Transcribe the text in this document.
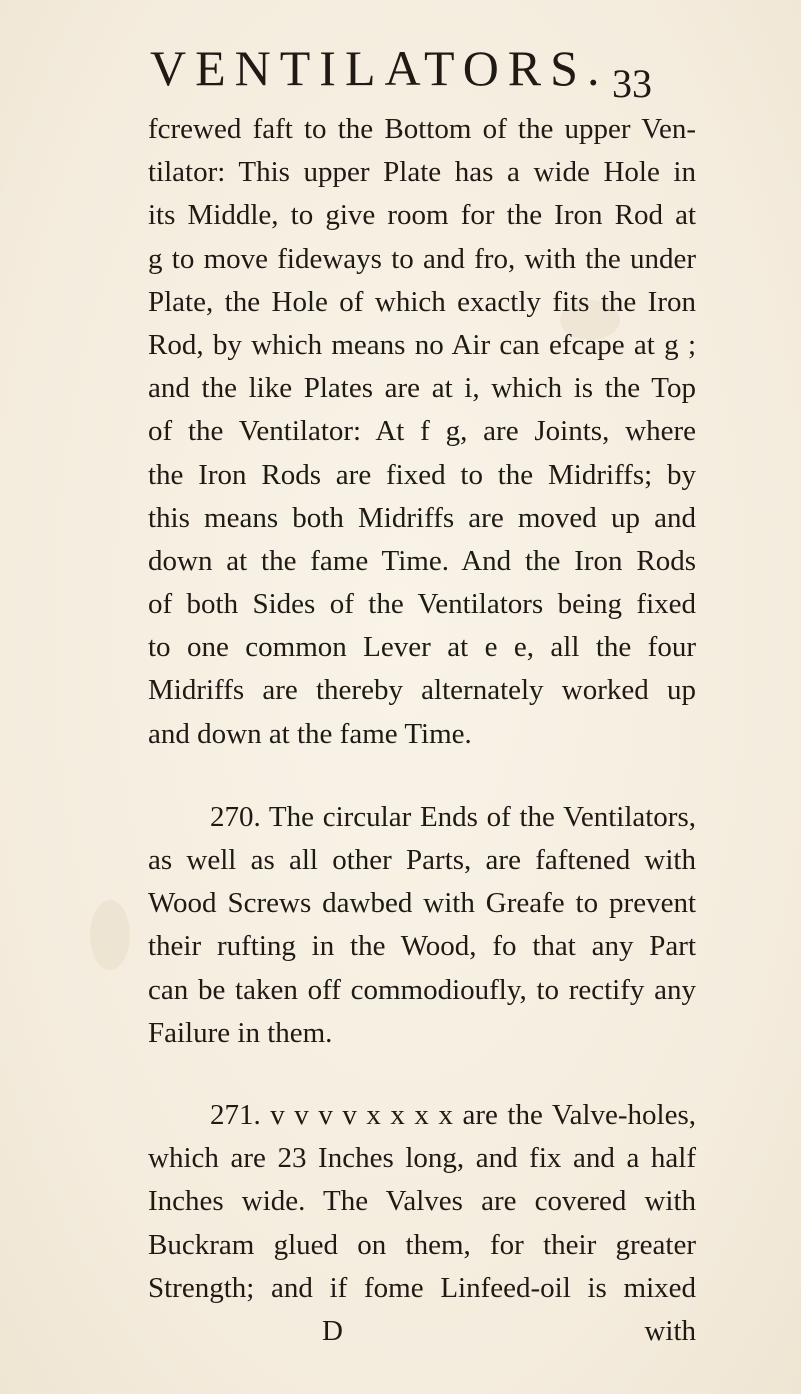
VENTILATORS. 33
fcrewed faft to the Bottom of the upper Ven-
tilator: This upper Plate has a wide Hole in
its Middle, to give room for the Iron Rod at
g to move fideways to and fro, with the under
Plate, the Hole of which exactly fits the Iron
Rod, by which means no Air can efcape at g ;
and the like Plates are at i, which is the Top
of the Ventilator: At f g, are Joints, where
the Iron Rods are fixed to the Midriffs; by
this means both Midriffs are moved up and
down at the fame Time. And the Iron Rods
of both Sides of the Ventilators being fixed
to one common Lever at e e, all the four
Midriffs are thereby alternately worked up
and down at the fame Time.
270. The circular Ends of the Ventilators,
as well as all other Parts, are faftened with
Wood Screws dawbed with Greafe to prevent
their rufting in the Wood, fo that any Part
can be taken off commodioufly, to rectify any
Failure in them.
271. v v v v x x x x are the Valve-holes,
which are 23 Inches long, and fix and a half
Inches wide. The Valves are covered with
Buckram glued on them, for their greater
Strength; and if fome Linfeed-oil is mixed
D	with
